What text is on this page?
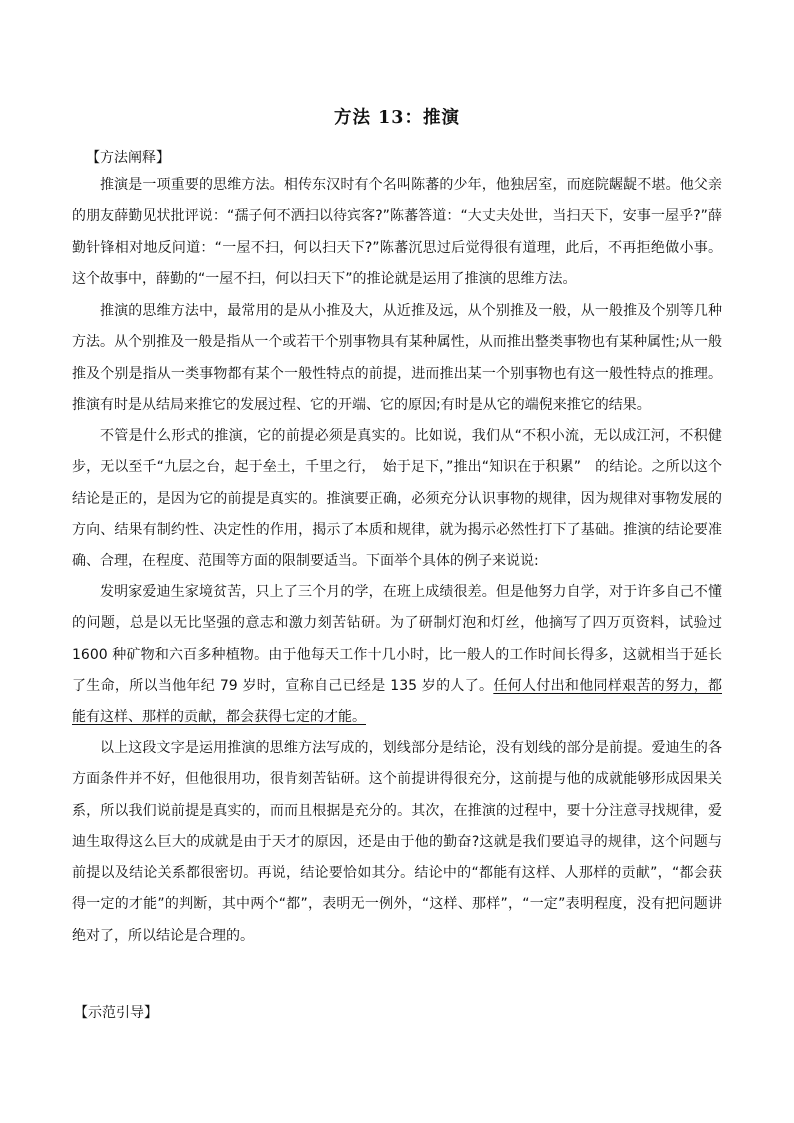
方法 13：推演
【方法阐释】

推演是一项重要的思维方法。相传东汉时有个名叫陈蕃的少年，他独居室，而庭院龌龊不堪。他父亲的朋友薛勤见状批评说：“孺子何不洒扫以待宾客?”陈蕃答道：“大丈夫处世，当扫天下，安事一屋乎?”薛勤针锋相对地反问道：“一屋不扫，何以扫天下?”陈蕃沉思过后觉得很有道理，此后，不再拒绝做小事。这个故事中，薛勤的“一屋不扫，何以扫天下”的推论就是运用了推演的思维方法。

推演的思维方法中，最常用的是从小推及大，从近推及远，从个别推及一般，从一般推及个别等几种方法。从个别推及一般是指从一个或若干个别事物具有某种属性，从而推出整类事物也有某种属性;从一般推及个别是指从一类事物都有某个一般性特点的前提，进而推出某一个别事物也有这一般性特点的推理。推演有时是从结局来推它的发展过程、它的开端、它的原因;有时是从它的端倪来推它的结果。

不管是什么形式的推演，它的前提必须是真实的。比如说，我们从“不积小流，无以成江河，不积健步，无以至千“九层之台，起于垒土，千里之行，　始于足下，”推出“知识在于积累”　的结论。之所以这个结论是正的，是因为它的前提是真实的。推演要正确，必须充分认识事物的规律，因为规律对事物发展的方向、结果有制约性、决定性的作用，揭示了本质和规律，就为揭示必然性打下了基础。推演的结论要准确、合理，在程度、范围等方面的限制要适当。下面举个具体的例子来说说:

发明家爱迪生家境贫苦，只上了三个月的学，在班上成绩很差。但是他努力自学，对于许多自己不懂的问题，总是以无比坚强的意志和激力刻苦钻研。为了研制灯泡和灯丝，他摘写了四万页资料，试验过 1600 种矿物和六百多种植物。由于他每天工作十几小时，比一般人的工作时间长得多，这就相当于延长了生命，所以当他年纪 79 岁时，宣称自己已经是 135 岁的人了。任何人付出和他同样艰苦的努力，都能有这样、那样的贡献，都会获得七定的才能。

以上这段文字是运用推演的思维方法写成的，划线部分是结论，没有划线的部分是前提。爱迪生的各方面条件并不好，但他很用功，很肯刻苦钻研。这个前提讲得很充分，这前提与他的成就能够形成因果关系，所以我们说前提是真实的，而而且根据是充分的。其次，在推演的过程中，要十分注意寻找规律，爱迪生取得这么巨大的成就是由于天才的原因，还是由于他的勤奋?这就是我们要追寻的规律，这个问题与前提以及结论关系都很密切。再说，结论要恰如其分。结论中的“都能有这样、人那样的贡献”，“都会获得一定的才能”的判断，其中两个“都”，表明无一例外，“这样、那样”，“一定”表明程度，没有把问题讲绝对了，所以结论是合理的。

【示范引导】
